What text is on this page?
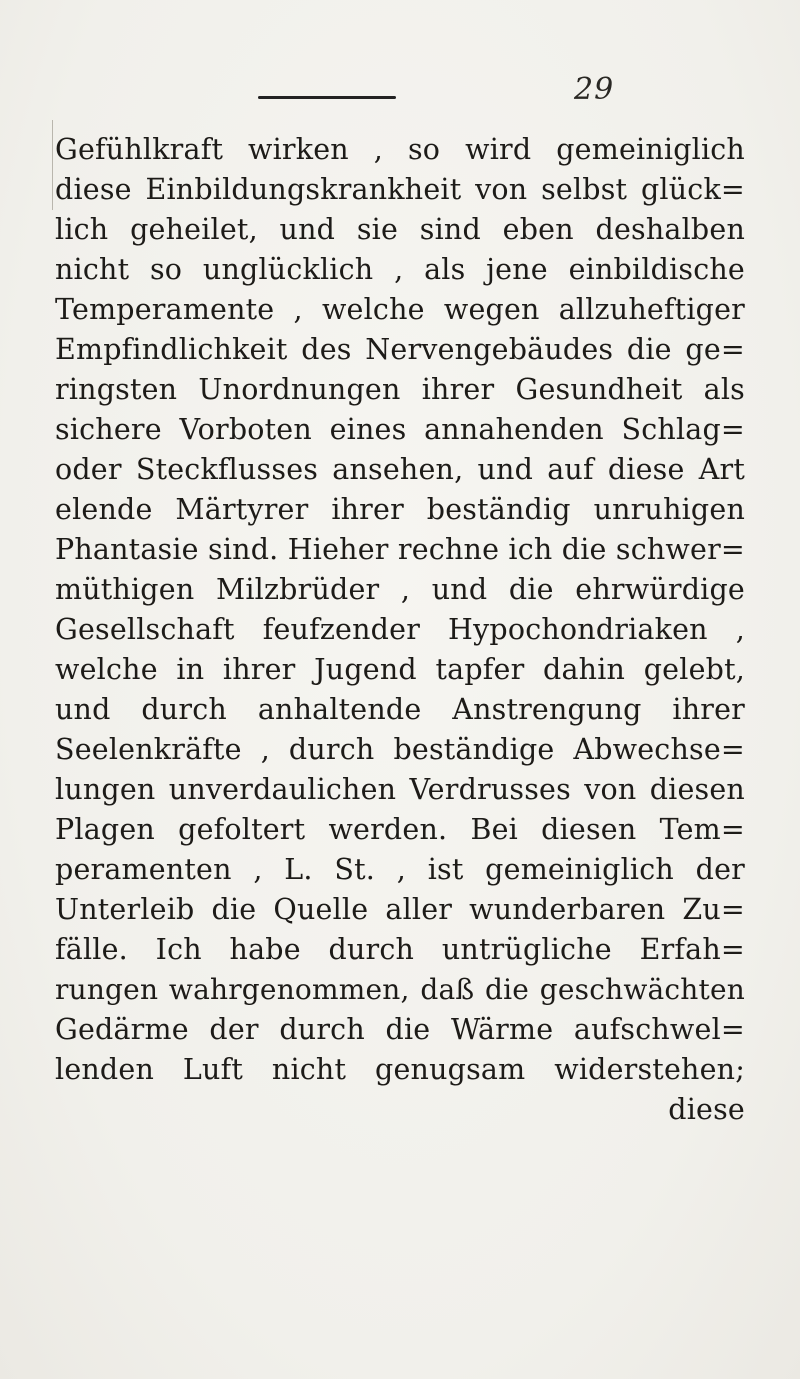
29
Gefühlkraft wirken , so wird gemeiniglich
diese Einbildungskrankheit von selbst glück=
lich geheilet, und sie sind eben deshalben
nicht so unglücklich , als jene einbildische
Temperamente , welche wegen allzuheftiger
Empfindlichkeit des Nervengebäudes die ge=
ringsten Unordnungen ihrer Gesundheit als
sichere Vorboten eines annahenden Schlag=
oder Steckflusses ansehen, und auf diese Art
elende Märtyrer ihrer beständig unruhigen
Phantasie sind. Hieher rechne ich die schwer=
müthigen Milzbrüder , und die ehrwürdige
Gesellschaft feufzender Hypochondriaken ,
welche in ihrer Jugend tapfer dahin gelebt,
und durch anhaltende Anstrengung ihrer
Seelenkräfte , durch beständige Abwechse=
lungen unverdaulichen Verdrusses von diesen
Plagen gefoltert werden. Bei diesen Tem=
peramenten , L. St. , ist gemeiniglich der
Unterleib die Quelle aller wunderbaren Zu=
fälle. Ich habe durch untrügliche Erfah=
rungen wahrgenommen, daß die geschwächten
Gedärme der durch die Wärme aufschwel=
lenden Luft nicht genugsam widerstehen;
diese
